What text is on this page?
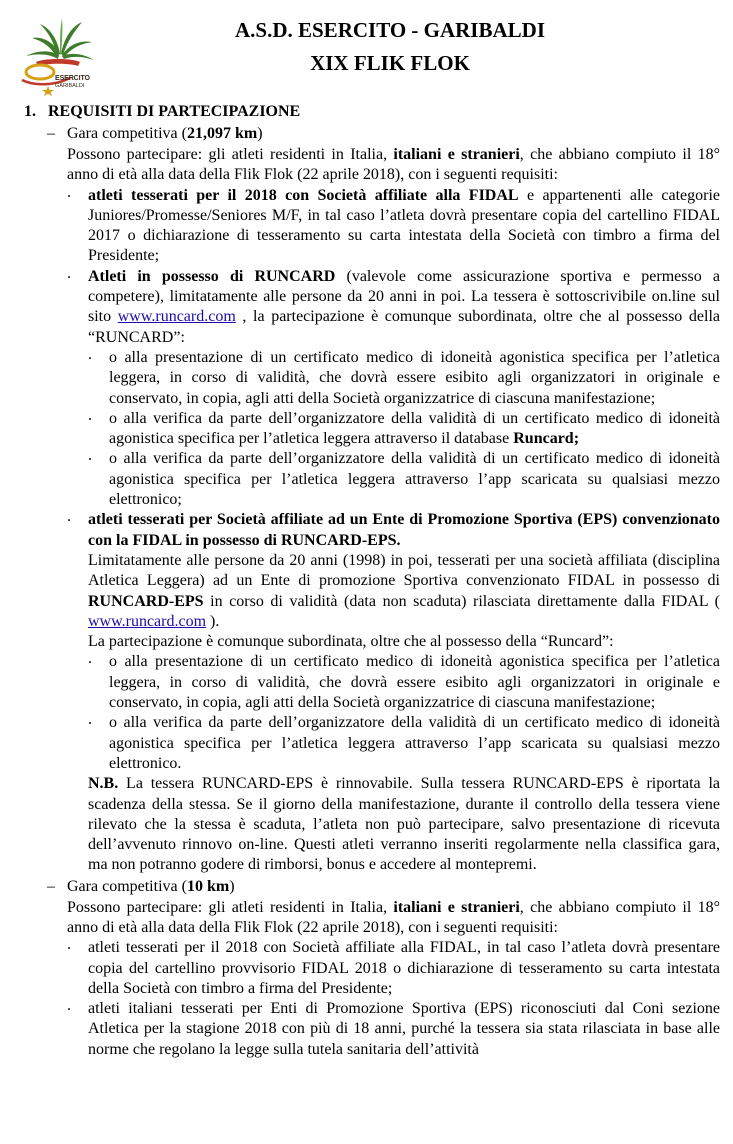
ESERCITO
GARIBALDI
A.S.D. ESERCITO - GARIBALDI
XIX FLIK FLOK
1. REQUISITI DI PARTECIPAZIONE
– Gara competitiva (21,097 km)

Possono partecipare: gli atleti residenti in Italia, italiani e stranieri, che abbiano compiuto il 18° anno di età alla data della Flik Flok (22 aprile 2018), con i seguenti requisiti:

. atleti tesserati per il 2018 con Società affiliate alla FIDAL e appartenenti alle categorie Juniores/Promesse/Seniores M/F, in tal caso l’atleta dovrà presentare copia del cartellino FIDAL 2017 o dichiarazione di tesseramento su carta intestata della Società con timbro a firma del Presidente;

. Atleti in possesso di RUNCARD (valevole come assicurazione sportiva e permesso a competere), limitatamente alle persone da 20 anni in poi. La tessera è sottoscrivibile on.line sul sito www.runcard.com , la partecipazione è comunque subordinata, oltre che al possesso della “RUNCARD”:

. o alla presentazione di un certificato medico di idoneità agonistica specifica per l’atletica leggera, in corso di validità, che dovrà essere esibito agli organizzatori in originale e conservato, in copia, agli atti della Società organizzatrice di ciascuna manifestazione;

. o alla verifica da parte dell’organizzatore della validità di un certificato medico di idoneità agonistica specifica per l’atletica leggera attraverso il database Runcard;

. o alla verifica da parte dell’organizzatore della validità di un certificato medico di idoneità agonistica specifica per l’atletica leggera attraverso l’app scaricata su qualsiasi mezzo elettronico;

. atleti tesserati per Società affiliate ad un Ente di Promozione Sportiva (EPS) convenzionato con la FIDAL in possesso di RUNCARD-EPS.

Limitatamente alle persone da 20 anni (1998) in poi, tesserati per una società affiliata (disciplina Atletica Leggera) ad un Ente di promozione Sportiva convenzionato FIDAL in possesso di RUNCARD-EPS in corso di validità (data non scaduta) rilasciata direttamente dalla FIDAL ( www.runcard.com ).

La partecipazione è comunque subordinata, oltre che al possesso della “Runcard”:

. o alla presentazione di un certificato medico di idoneità agonistica specifica per l’atletica leggera, in corso di validità, che dovrà essere esibito agli organizzatori in originale e conservato, in copia, agli atti della Società organizzatrice di ciascuna manifestazione;

. o alla verifica da parte dell’organizzatore della validità di un certificato medico di idoneità agonistica specifica per l’atletica leggera attraverso l’app scaricata su qualsiasi mezzo elettronico.

N.B. La tessera RUNCARD-EPS è rinnovabile. Sulla tessera RUNCARD-EPS è riportata la scadenza della stessa. Se il giorno della manifestazione, durante il controllo della tessera viene rilevato che la stessa è scaduta, l’atleta non può partecipare, salvo presentazione di ricevuta dell’avvenuto rinnovo on-line. Questi atleti verranno inseriti regolarmente nella classifica gara, ma non potranno godere di rimborsi, bonus e accedere al montepremi.

– Gara competitiva (10 km)

Possono partecipare: gli atleti residenti in Italia, italiani e stranieri, che abbiano compiuto il 18° anno di età alla data della Flik Flok (22 aprile 2018), con i seguenti requisiti:

. atleti tesserati per il 2018 con Società affiliate alla FIDAL, in tal caso l’atleta dovrà presentare copia del cartellino provvisorio FIDAL 2018 o dichiarazione di tesseramento su carta intestata della Società con timbro a firma del Presidente;

. atleti italiani tesserati per Enti di Promozione Sportiva (EPS) riconosciuti dal Coni sezione Atletica per la stagione 2018 con più di 18 anni, purché la tessera sia stata rilasciata in base alle norme che regolano la legge sulla tutela sanitaria dell’attività
